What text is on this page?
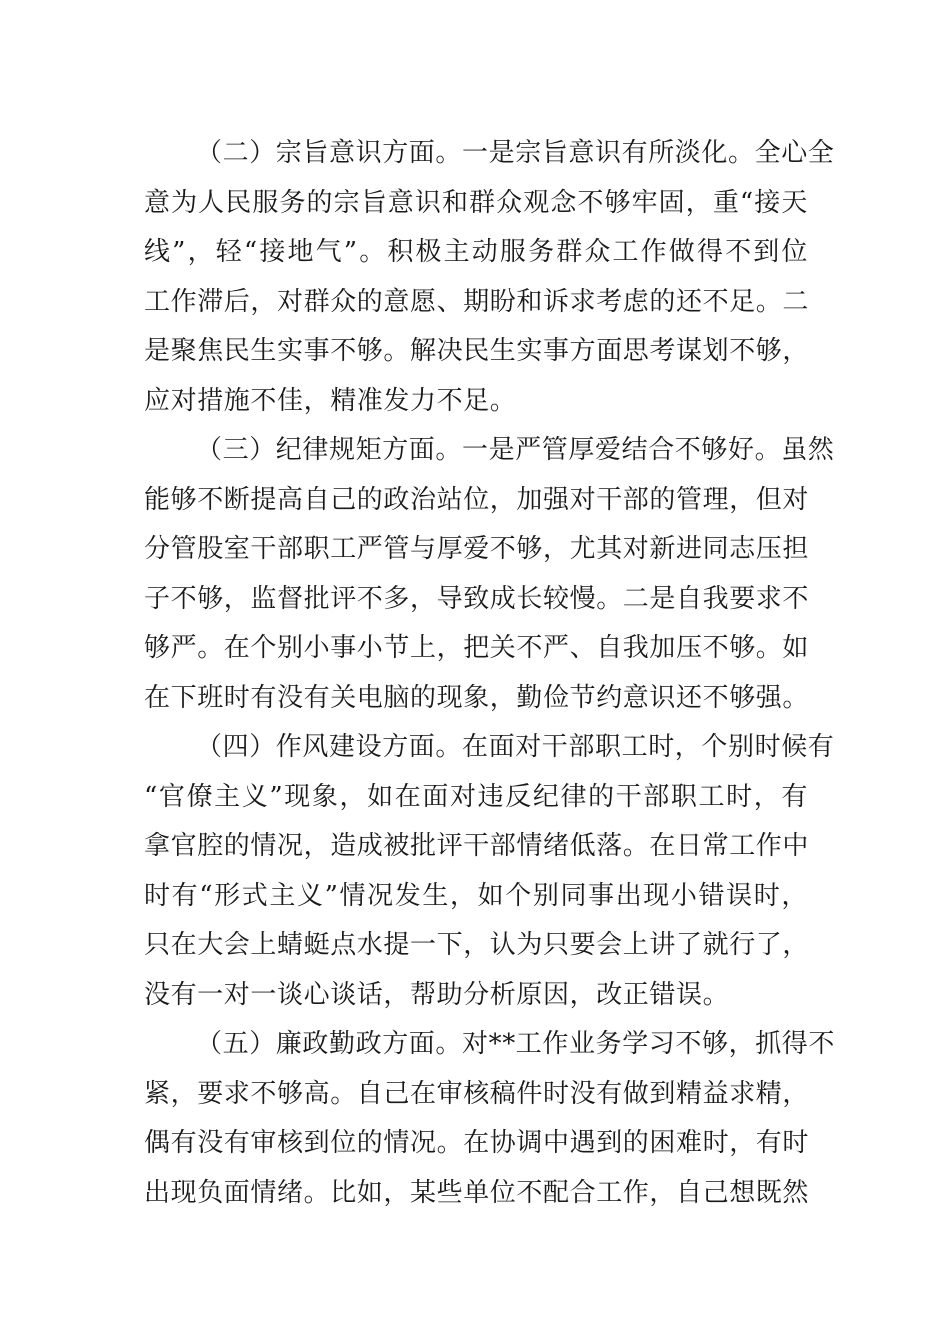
（二）宗旨意识方面。一是宗旨意识有所淡化。全心全
意为人民服务的宗旨意识和群众观念不够牢固，重“接天
线”，轻“接地气”。积极主动服务群众工作做得不到位
工作滞后，对群众的意愿、期盼和诉求考虑的还不足。二
是聚焦民生实事不够。解决民生实事方面思考谋划不够，
应对措施不佳，精准发力不足。
（三）纪律规矩方面。一是严管厚爱结合不够好。虽然
能够不断提高自己的政治站位，加强对干部的管理，但对
分管股室干部职工严管与厚爱不够，尤其对新进同志压担
子不够，监督批评不多，导致成长较慢。二是自我要求不
够严。在个别小事小节上，把关不严、自我加压不够。如
在下班时有没有关电脑的现象，勤俭节约意识还不够强。
（四）作风建设方面。在面对干部职工时，个别时候有
“官僚主义”现象，如在面对违反纪律的干部职工时，有
拿官腔的情况，造成被批评干部情绪低落。在日常工作中
时有“形式主义”情况发生，如个别同事出现小错误时，
只在大会上蜻蜓点水提一下，认为只要会上讲了就行了，
没有一对一谈心谈话，帮助分析原因，改正错误。
（五）廉政勤政方面。对**工作业务学习不够，抓得不
紧，要求不够高。自己在审核稿件时没有做到精益求精，
偶有没有审核到位的情况。在协调中遇到的困难时，有时
出现负面情绪。比如，某些单位不配合工作，自己想既然
